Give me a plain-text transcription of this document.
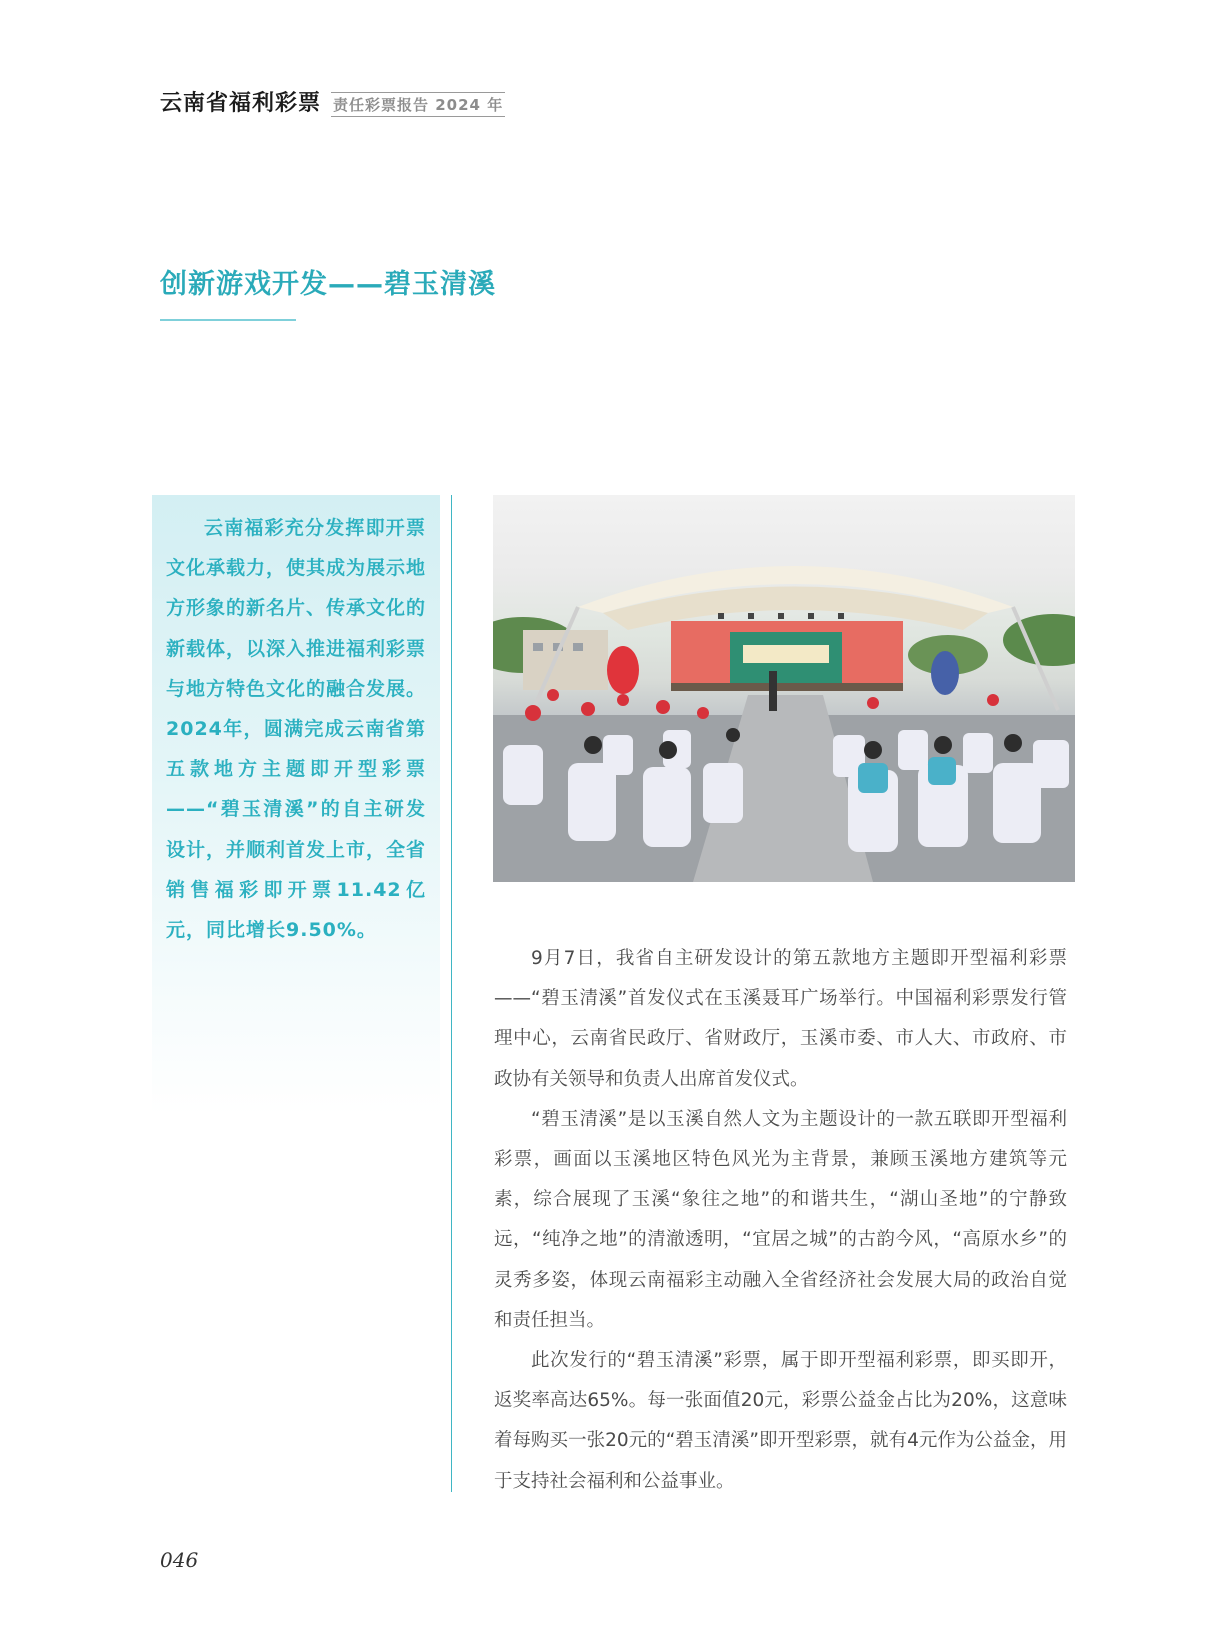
云南省福利彩票 责任彩票报告 2024 年
创新游戏开发——碧玉清溪

云南福彩充分发挥即开票文化承载力，使其成为展示地方形象的新名片、传承文化的新载体，以深入推进福利彩票与地方特色文化的融合发展。2024年，圆满完成云南省第五款地方主题即开型彩票——“碧玉清溪”的自主研发设计，并顺利首发上市，全省销售福彩即开票11.42亿元，同比增长9.50%。

9月7日，我省自主研发设计的第五款地方主题即开型福利彩票——“碧玉清溪”首发仪式在玉溪聂耳广场举行。中国福利彩票发行管理中心，云南省民政厅、省财政厅，玉溪市委、市人大、市政府、市政协有关领导和负责人出席首发仪式。

“碧玉清溪”是以玉溪自然人文为主题设计的一款五联即开型福利彩票，画面以玉溪地区特色风光为主背景，兼顾玉溪地方建筑等元素，综合展现了玉溪“象往之地”的和谐共生，“湖山圣地”的宁静致远，“纯净之地”的清澈透明，“宜居之城”的古韵今风，“高原水乡”的灵秀多姿，体现云南福彩主动融入全省经济社会发展大局的政治自觉和责任担当。

此次发行的“碧玉清溪”彩票，属于即开型福利彩票，即买即开，返奖率高达65%。每一张面值20元，彩票公益金占比为20%，这意味着每购买一张20元的“碧玉清溪”即开型彩票，就有4元作为公益金，用于支持社会福利和公益事业。

046
